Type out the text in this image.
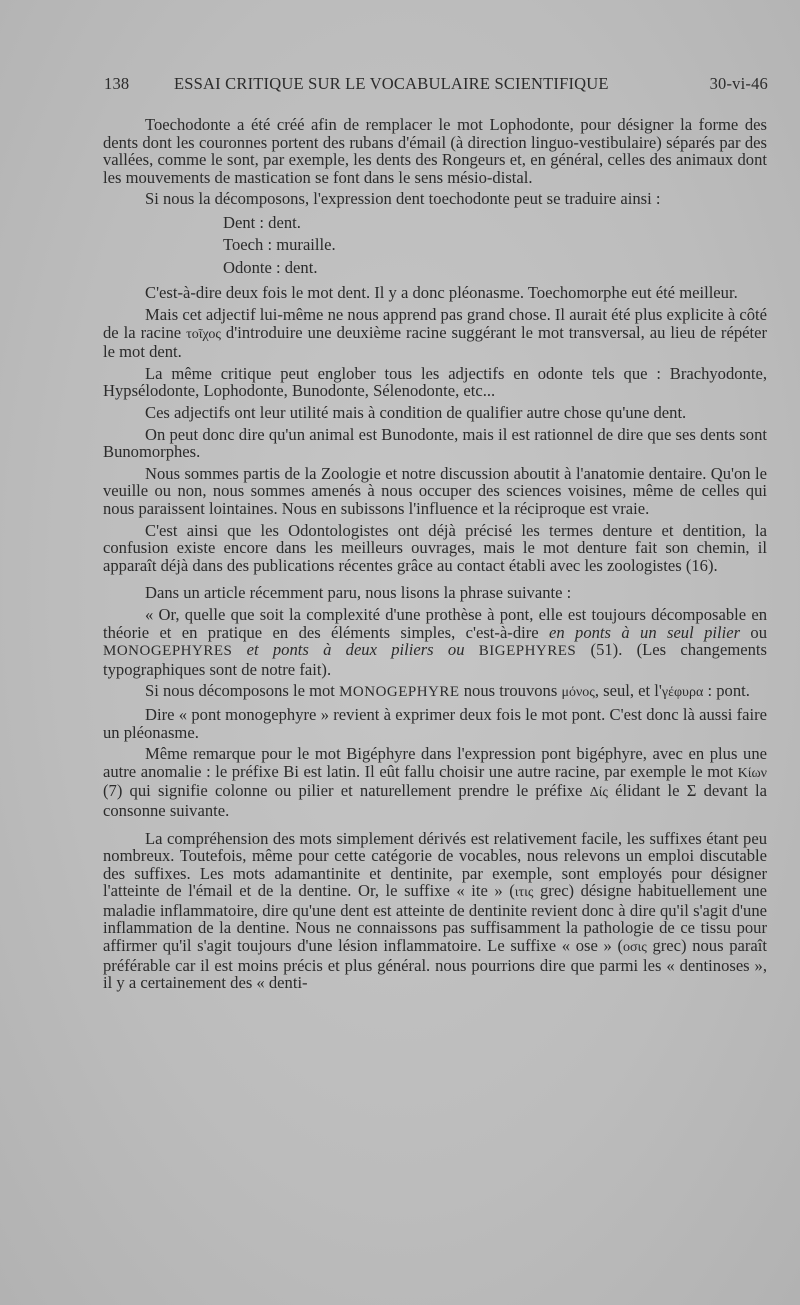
138	ESSAI CRITIQUE SUR LE VOCABULAIRE SCIENTIFIQUE	30-vi-46

Toechodonte a été créé afin de remplacer le mot Lophodonte, pour désigner la forme des dents dont les couronnes portent des rubans d'émail (à direction linguo-vestibulaire) séparés par des vallées, comme le sont, par exemple, les dents des Rongeurs et, en général, celles des animaux dont les mouvements de mastication se font dans le sens mésio-distal.

Si nous la décomposons, l'expression dent toechodonte peut se traduire ainsi :

Dent : dent.
Toech : muraille.
Odonte : dent.

C'est-à-dire deux fois le mot dent. Il y a donc pléonasme. Toechomorphe eut été meilleur.

Mais cet adjectif lui-même ne nous apprend pas grand chose. Il aurait été plus explicite à côté de la racine τοῖχος d'introduire une deuxième racine suggérant le mot transversal, au lieu de répéter le mot dent.

La même critique peut englober tous les adjectifs en odonte tels que : Brachyodonte, Hypsélodonte, Lophodonte, Bunodonte, Sélenodonte, etc...

Ces adjectifs ont leur utilité mais à condition de qualifier autre chose qu'une dent.

On peut donc dire qu'un animal est Bunodonte, mais il est rationnel de dire que ses dents sont Bunomorphes.

Nous sommes partis de la Zoologie et notre discussion aboutit à l'anatomie dentaire. Qu'on le veuille ou non, nous sommes amenés à nous occuper des sciences voisines, même de celles qui nous paraissent lointaines. Nous en subissons l'influence et la réciproque est vraie.

C'est ainsi que les Odontologistes ont déjà précisé les termes denture et dentition, la confusion existe encore dans les meilleurs ouvrages, mais le mot denture fait son chemin, il apparaît déjà dans des publications récentes grâce au contact établi avec les zoologistes (16).

Dans un article récemment paru, nous lisons la phrase suivante :

« Or, quelle que soit la complexité d'une prothèse à pont, elle est toujours décomposable en théorie et en pratique en des éléments simples, c'est-à-dire en ponts à un seul pilier ou MONOGEPHYRES et ponts à deux piliers ou BIGEPHYRES (51). (Les changements typographiques sont de notre fait).

Si nous décomposons le mot MONOGEPHYRE nous trouvons μόνος, seul, et l'γέφυρα : pont.

Dire « pont monogephyre » revient à exprimer deux fois le mot pont. C'est donc là aussi faire un pléonasme.

Même remarque pour le mot Bigéphyre dans l'expression pont bigéphyre, avec en plus une autre anomalie : le préfixe Bi est latin. Il eût fallu choisir une autre racine, par exemple le mot Κίων (7) qui signifie colonne ou pilier et naturellement prendre le préfixe Δίς élidant le Σ devant la consonne suivante.

La compréhension des mots simplement dérivés est relativement facile, les suffixes étant peu nombreux. Toutefois, même pour cette catégorie de vocables, nous relevons un emploi discutable des suffixes. Les mots adamantinite et dentinite, par exemple, sont employés pour désigner l'atteinte de l'émail et de la dentine. Or, le suffixe « ite » (ιτις grec) désigne habituellement une maladie inflammatoire, dire qu'une dent est atteinte de dentinite revient donc à dire qu'il s'agit d'une inflammation de la dentine. Nous ne connaissons pas suffisamment la pathologie de ce tissu pour affirmer qu'il s'agit toujours d'une lésion inflammatoire. Le suffixe « ose » (οσις grec) nous paraît préférable car il est moins précis et plus général. nous pourrions dire que parmi les « dentinoses », il y a certainement des « denti-
